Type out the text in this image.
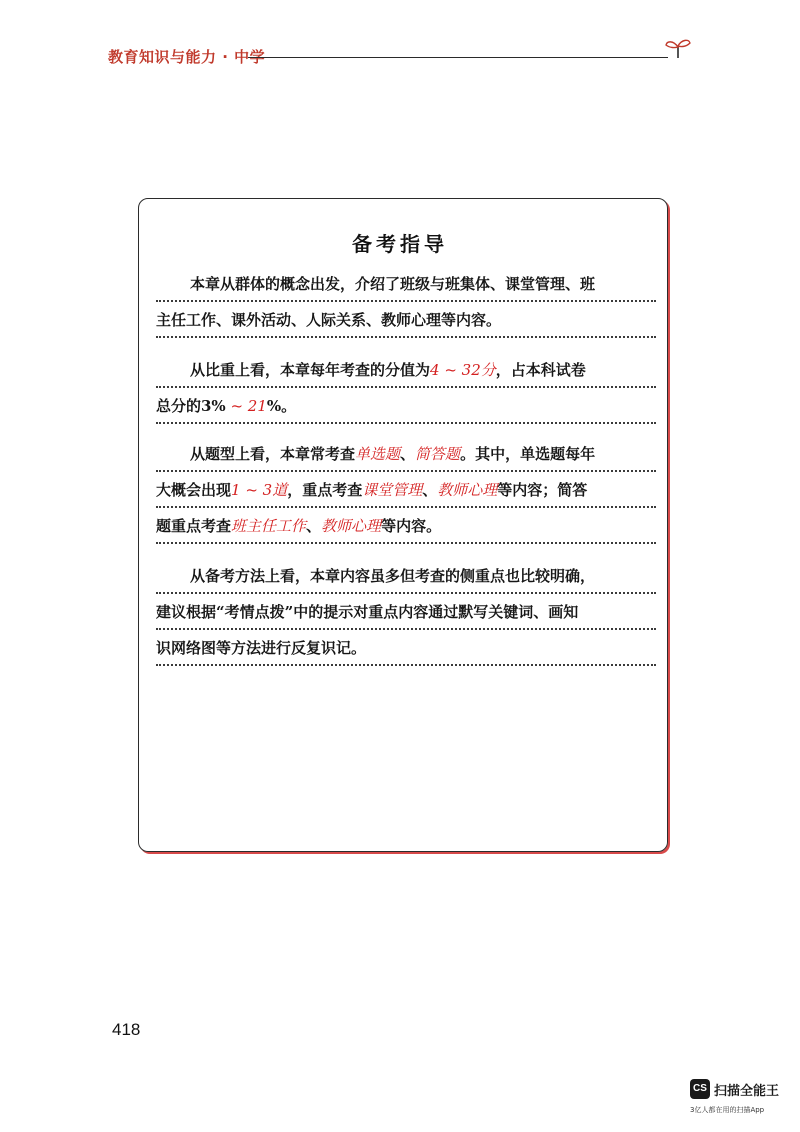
教育知识与能力 · 中学
备考指导
本章从群体的概念出发，介绍了班级与班集体、课堂管理、班
主任工作、课外活动、人际关系、教师心理等内容。
从比重上看，本章每年考查的分值为4 ~ 32分，占本科试卷
总分的3% ~ 21%。
从题型上看，本章常考查单选题、简答题。其中，单选题每年
大概会出现1 ~ 3道，重点考查课堂管理、教师心理等内容；简答
题重点考查班主任工作、教师心理等内容。
从备考方法上看，本章内容虽多但考查的侧重点也比较明确，
建议根据“考情点拨”中的提示对重点内容通过默写关键词、画知
识网络图等方法进行反复识记。
418
CS 扫描全能王
3亿人都在用的扫描App
